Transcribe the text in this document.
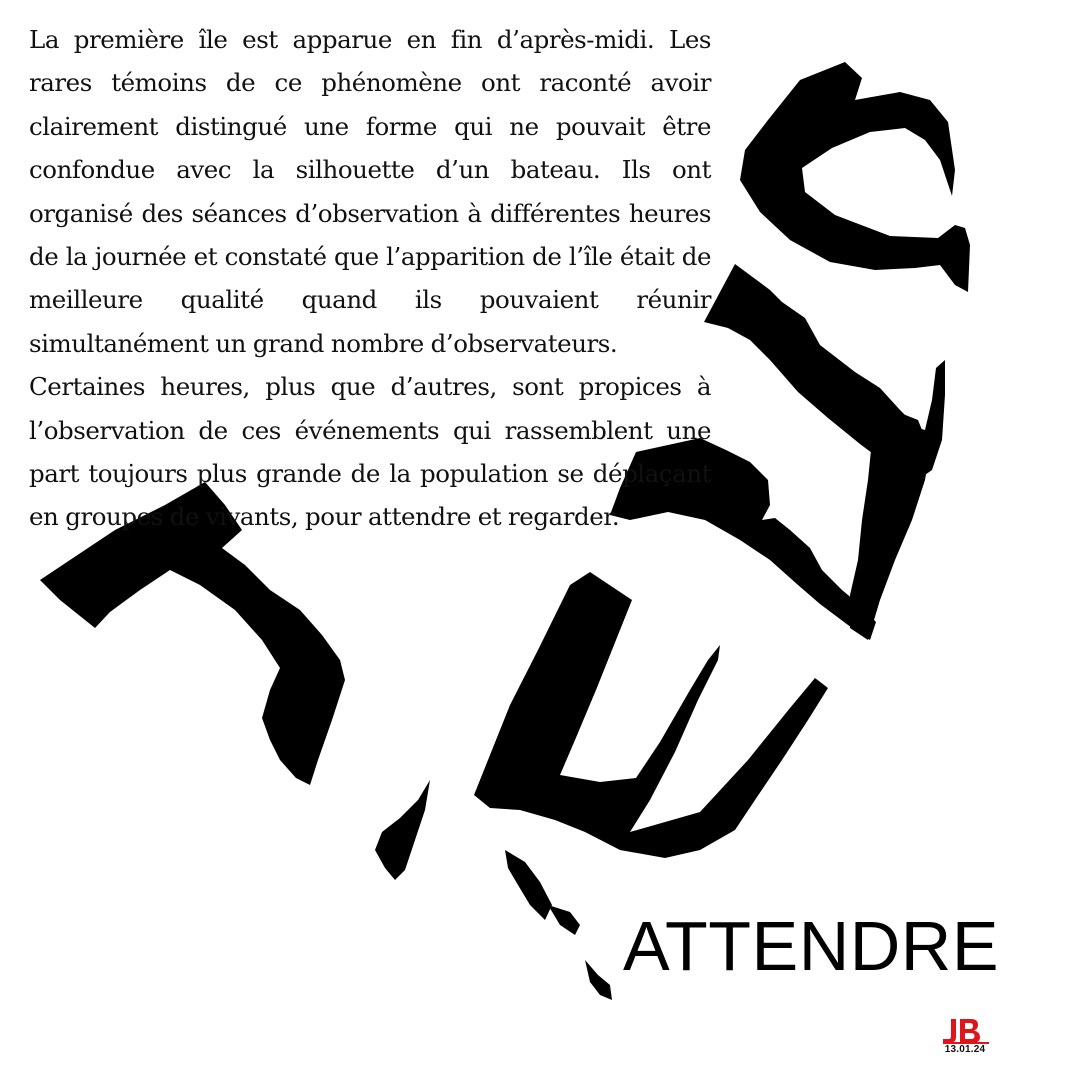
La première île est apparue en fin d’après-midi. Les rares témoins de ce phénomène ont raconté avoir clairement distingué une forme qui ne pouvait être confondue avec la silhouette d’un bateau. Ils ont organisé des séances d’observation à différentes heures de la journée et constaté que l’apparition de l’île était de meilleure qualité quand ils pouvaient réunir simultanément un grand nombre d’observateurs.

Certaines heures, plus que d’autres, sont propices à l’observation de ces événements qui rassemblent une part toujours plus grande de la population se déplaçant en groupes de vivants, pour attendre et regarder.

ATTENDRE
13.01.24
